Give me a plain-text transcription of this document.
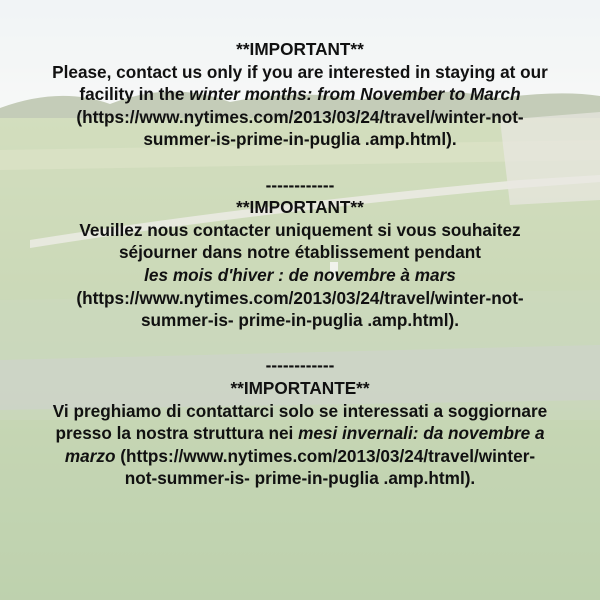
**IMPORTANT**
Please, contact us only if you are interested in staying at our
facility in the winter months: from November to March
(https://www.nytimes.com/2013/03/24/travel/winter-not-
summer-is-prime-in-puglia .amp.html).
------------
**IMPORTANT**
Veuillez nous contacter uniquement si vous souhaitez
séjourner dans notre établissement pendant
les mois d'hiver : de novembre à mars
(https://www.nytimes.com/2013/03/24/travel/winter-not-
summer-is- prime-in-puglia .amp.html).
------------
**IMPORTANTE**
Vi preghiamo di contattarci solo se interessati a soggiornare
presso la nostra struttura nei mesi invernali: da novembre a
marzo (https://www.nytimes.com/2013/03/24/travel/winter-
not-summer-is- prime-in-puglia .amp.html).
